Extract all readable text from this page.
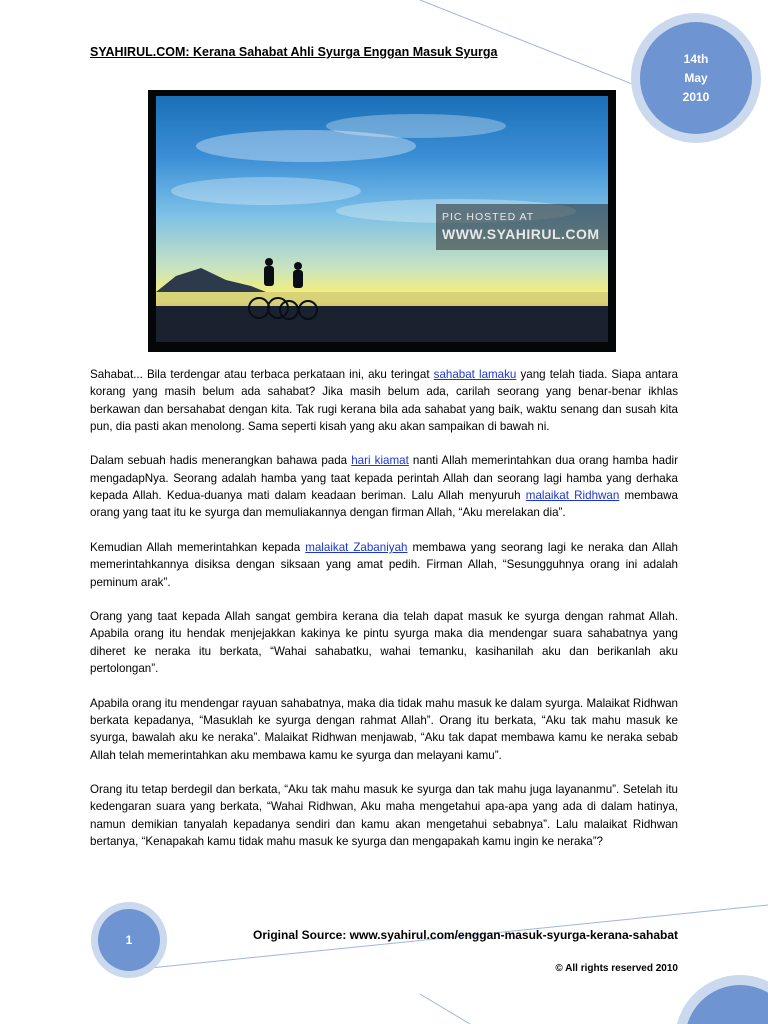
SYAHIRUL.COM: Kerana Sahabat Ahli Syurga Enggan Masuk Syurga	14th
May
2010
PIC HOSTED AT
WWW.SYAHIRUL.COM

Sahabat... Bila terdengar atau terbaca perkataan ini, aku teringat sahabat lamaku yang telah tiada. Siapa antara korang yang masih belum ada sahabat? Jika masih belum ada, carilah seorang yang benar-benar ikhlas berkawan dan bersahabat dengan kita. Tak rugi kerana bila ada sahabat yang baik, waktu senang dan susah kita pun, dia pasti akan menolong. Sama seperti kisah yang aku akan sampaikan di bawah ni.

Dalam sebuah hadis menerangkan bahawa pada hari kiamat nanti Allah memerintahkan dua orang hamba hadir mengadapNya. Seorang adalah hamba yang taat kepada perintah Allah dan seorang lagi hamba yang derhaka kepada Allah. Kedua-duanya mati dalam keadaan beriman. Lalu Allah menyuruh malaikat Ridhwan membawa orang yang taat itu ke syurga dan memuliakannya dengan firman Allah, “Aku merelakan dia”.

Kemudian Allah memerintahkan kepada malaikat Zabaniyah membawa yang seorang lagi ke neraka dan Allah memerintahkannya disiksa dengan siksaan yang amat pedih. Firman Allah, “Sesungguhnya orang ini adalah peminum arak”.

Orang yang taat kepada Allah sangat gembira kerana dia telah dapat masuk ke syurga dengan rahmat Allah. Apabila orang itu hendak menjejakkan kakinya ke pintu syurga maka dia mendengar suara sahabatnya yang diheret ke neraka itu berkata, “Wahai sahabatku, wahai temanku, kasihanilah aku dan berikanlah aku pertolongan”.

Apabila orang itu mendengar rayuan sahabatnya, maka dia tidak mahu masuk ke dalam syurga. Malaikat Ridhwan berkata kepadanya, “Masuklah ke syurga dengan rahmat Allah”. Orang itu berkata, “Aku tak mahu masuk ke syurga, bawalah aku ke neraka”. Malaikat Ridhwan menjawab, “Aku tak dapat membawa kamu ke neraka sebab Allah telah memerintahkan aku membawa kamu ke syurga dan melayani kamu”.

Orang itu tetap berdegil dan berkata, “Aku tak mahu masuk ke syurga dan tak mahu juga layananmu”. Setelah itu kedengaran suara yang berkata, “Wahai Ridhwan, Aku maha mengetahui apa-apa yang ada di dalam hatinya, namun demikian tanyalah kepadanya sendiri dan kamu akan mengetahui sebabnya”. Lalu malaikat Ridhwan bertanya, “Kenapakah kamu tidak mahu masuk ke syurga dan mengapakah kamu ingin ke neraka”?

1	Original Source: www.syahirul.com/enggan-masuk-syurga-kerana-sahabat
© All rights reserved 2010
